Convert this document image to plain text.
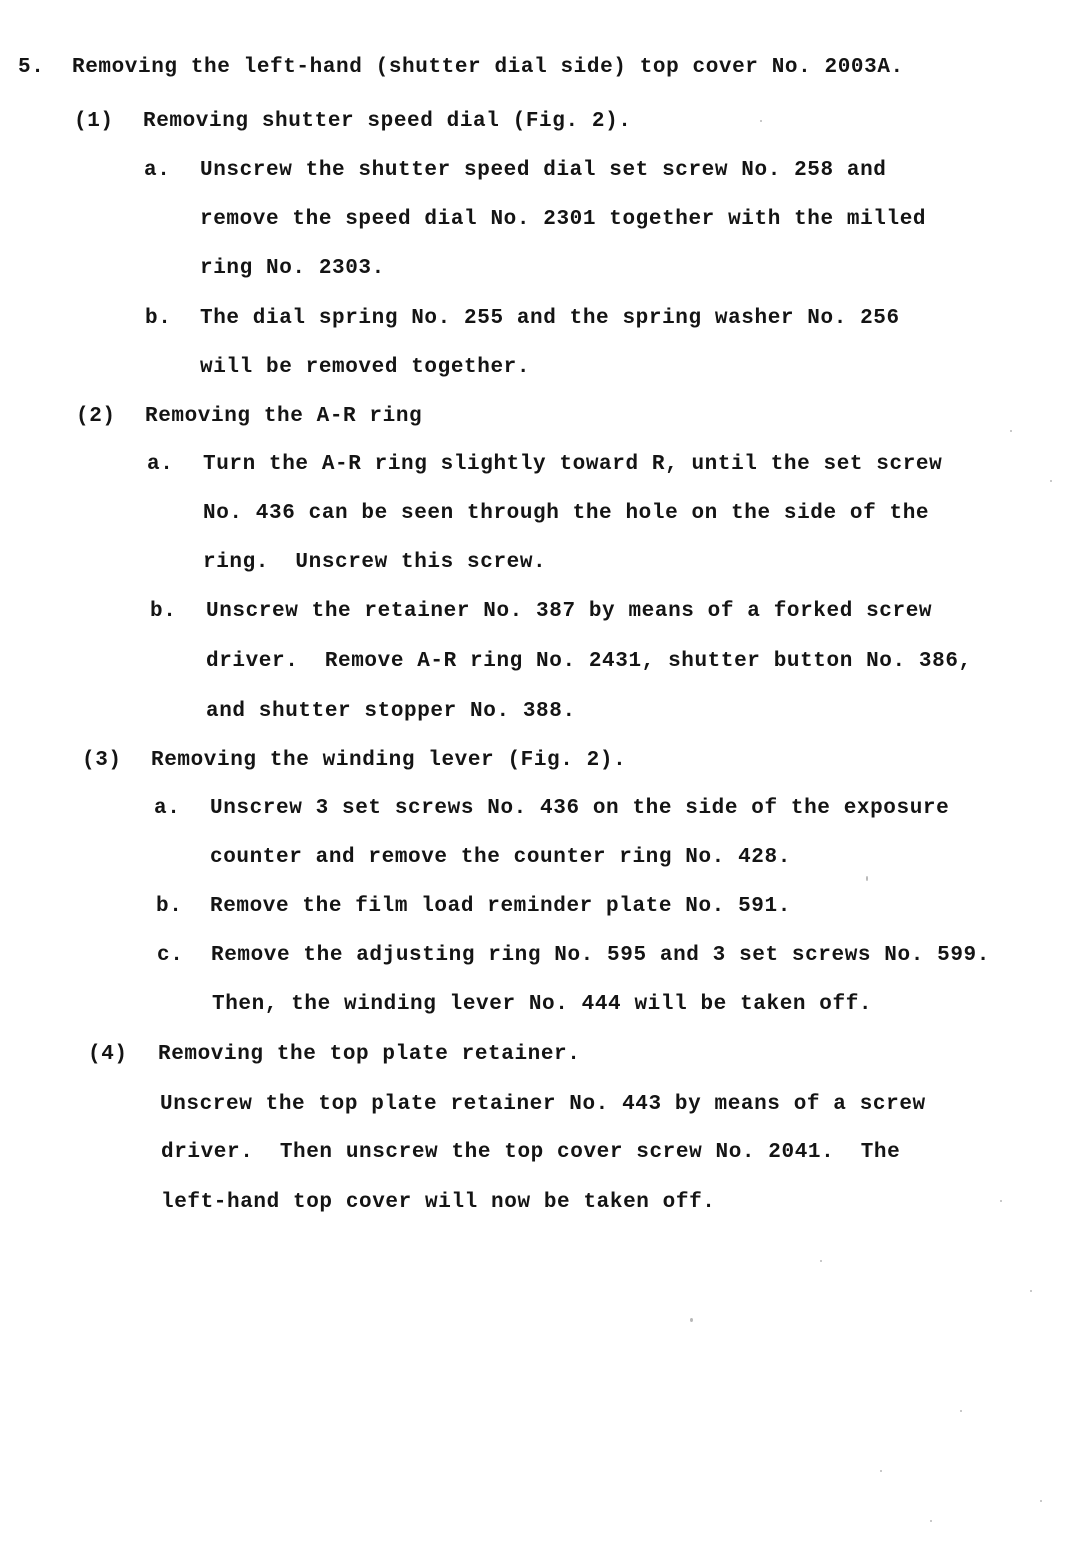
5. Removing the left-hand (shutter dial side) top cover No. 2003A.
(1) Removing shutter speed dial (Fig. 2).
a. Unscrew the shutter speed dial set screw No. 258 and
remove the speed dial No. 2301 together with the milled
ring No. 2303.
b. The dial spring No. 255 and the spring washer No. 256
will be removed together.
(2) Removing the A-R ring
a. Turn the A-R ring slightly toward R, until the set screw
No. 436 can be seen through the hole on the side of the
ring.  Unscrew this screw.
b. Unscrew the retainer No. 387 by means of a forked screw
driver.  Remove A-R ring No. 2431, shutter button No. 386,
and shutter stopper No. 388.
(3) Removing the winding lever (Fig. 2).
a. Unscrew 3 set screws No. 436 on the side of the exposure
counter and remove the counter ring No. 428.
b. Remove the film load reminder plate No. 591.
c. Remove the adjusting ring No. 595 and 3 set screws No. 599.
Then, the winding lever No. 444 will be taken off.
(4) Removing the top plate retainer.
Unscrew the top plate retainer No. 443 by means of a screw
driver.  Then unscrew the top cover screw No. 2041.  The
left-hand top cover will now be taken off.
